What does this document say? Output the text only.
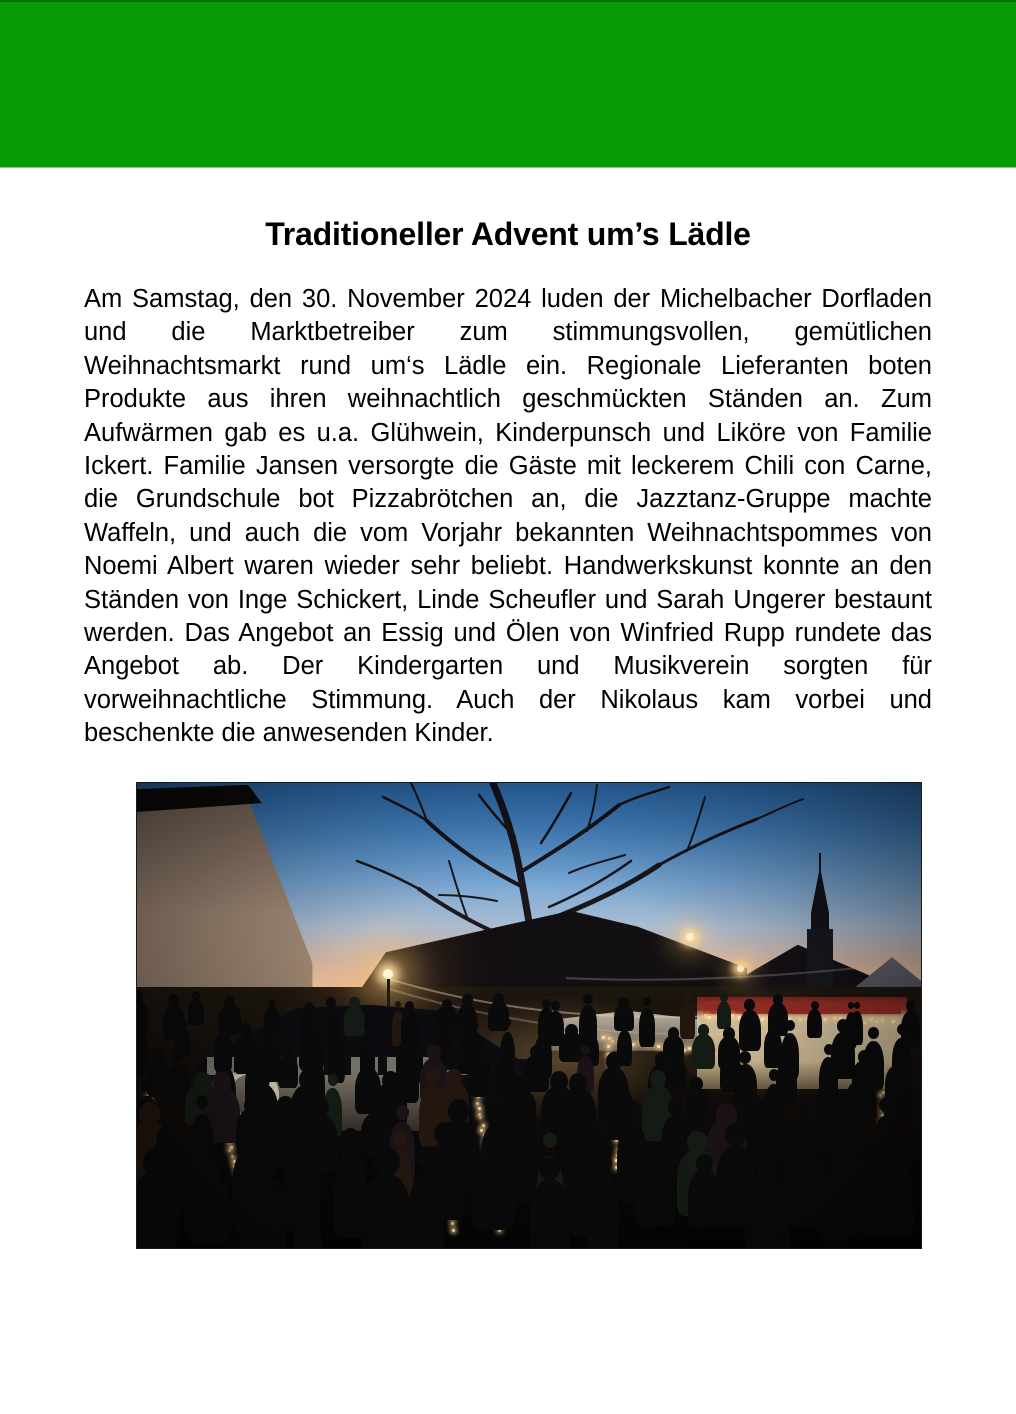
Traditioneller Advent um’s Lädle

Am Samstag, den 30. November 2024 luden der Michelbacher Dorfladen und die Marktbetreiber zum stimmungsvollen, gemütlichen Weihnachtsmarkt rund um‘s Lädle ein. Regionale Lieferanten boten Produkte aus ihren weihnachtlich geschmückten Ständen an. Zum Aufwärmen gab es u.a. Glühwein, Kinderpunsch und Liköre von Familie Ickert. Familie Jansen versorgte die Gäste mit leckerem Chili con Carne, die Grundschule bot Pizzabrötchen an, die Jazztanz-Gruppe machte Waffeln, und auch die vom Vorjahr bekannten Weihnachtspommes von Noemi Albert waren wieder sehr beliebt. Handwerkskunst konnte an den Ständen von Inge Schickert, Linde Scheufler und Sarah Ungerer bestaunt werden. Das Angebot an Essig und Ölen von Winfried Rupp rundete das Angebot ab. Der Kindergarten und Musikverein sorgten für vorweihnachtliche Stimmung. Auch der Nikolaus kam vorbei und beschenkte die anwesenden Kinder.
